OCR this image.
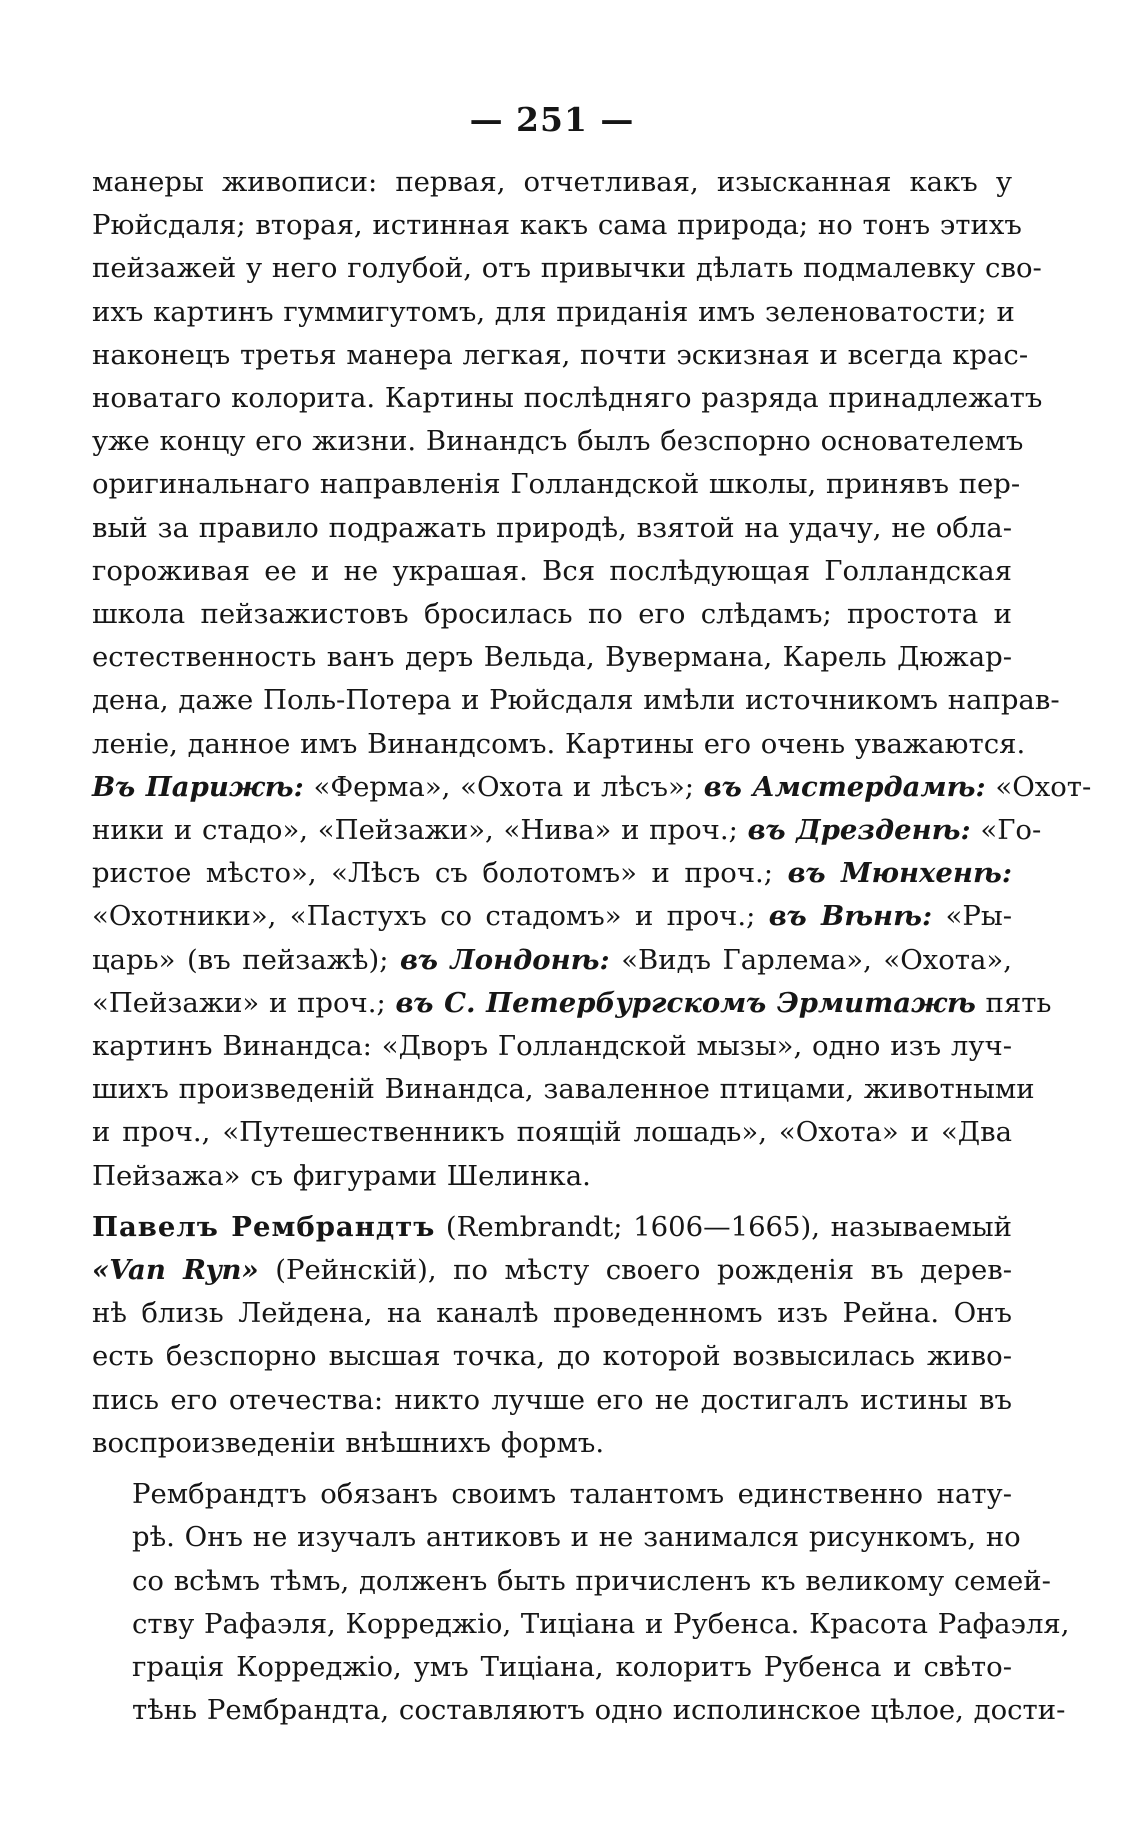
— 251 —
манеры живописи: первая, отчетливая, изысканная какъ у
Рюйсдаля; вторая, истинная какъ сама природа; но тонъ этихъ
пейзажей у него голубой, отъ привычки дѣлать подмалевку сво-
ихъ картинъ гуммигутомъ, для приданія имъ зеленоватости; и
наконецъ третья манера легкая, почти эскизная и всегда крас-
новатаго колорита. Картины послѣдняго разряда принадлежатъ
уже концу его жизни. Винандсъ былъ безспорно основателемъ
оригинальнаго направленія Голландской школы, принявъ пер-
вый за правило подражать природѣ, взятой на удачу, не обла-
гороживая ее и не украшая. Вся послѣдующая Голландская
школа пейзажистовъ бросилась по его слѣдамъ; простота и
естественность ванъ деръ Вельда, Вувермана, Карель Дюжар-
дена, даже Поль-Потера и Рюйсдаля имѣли источникомъ направ-
леніе, данное имъ Винандсомъ. Картины его очень уважаются.
Въ Парижѣ: «Ферма», «Охота и лѣсъ»; въ Амстердамѣ: «Охот-
ники и стадо», «Пейзажи», «Нива» и проч.; въ Дрезденѣ: «Го-
ристое мѣсто», «Лѣсъ съ болотомъ» и проч.; въ Мюнхенѣ:
«Охотники», «Пастухъ со стадомъ» и проч.; въ Вѣнѣ: «Ры-
царь» (въ пейзажѣ); въ Лондонѣ: «Видъ Гарлема», «Охота»,
«Пейзажи» и проч.; въ С. Петербургскомъ Эрмитажѣ пять
картинъ Винандса: «Дворъ Голландской мызы», одно изъ луч-
шихъ произведеній Винандса, заваленное птицами, животными
и проч., «Путешественникъ поящій лошадь», «Охота» и «Два
Пейзажа» съ фигурами Шелинка.
Павелъ Рембрандтъ (Rembrandt; 1606—1665), называемый
«Van Ryn» (Рейнскій), по мѣсту своего рожденія въ дерев-
нѣ близь Лейдена, на каналѣ проведенномъ изъ Рейна. Онъ
есть безспорно высшая точка, до которой возвысилась живо-
пись его отечества: никто лучше его не достигалъ истины въ
воспроизведеніи внѣшнихъ формъ.
Рембрандтъ обязанъ своимъ талантомъ единственно нату-
рѣ. Онъ не изучалъ антиковъ и не занимался рисункомъ, но
со всѣмъ тѣмъ, долженъ быть причисленъ къ великому семей-
ству Рафаэля, Корреджіо, Тиціана и Рубенса. Красота Рафаэля,
грація Корреджіо, умъ Тиціана, колоритъ Рубенса и свѣто-
тѣнь Рембрандта, составляютъ одно исполинское цѣлое, дости-
